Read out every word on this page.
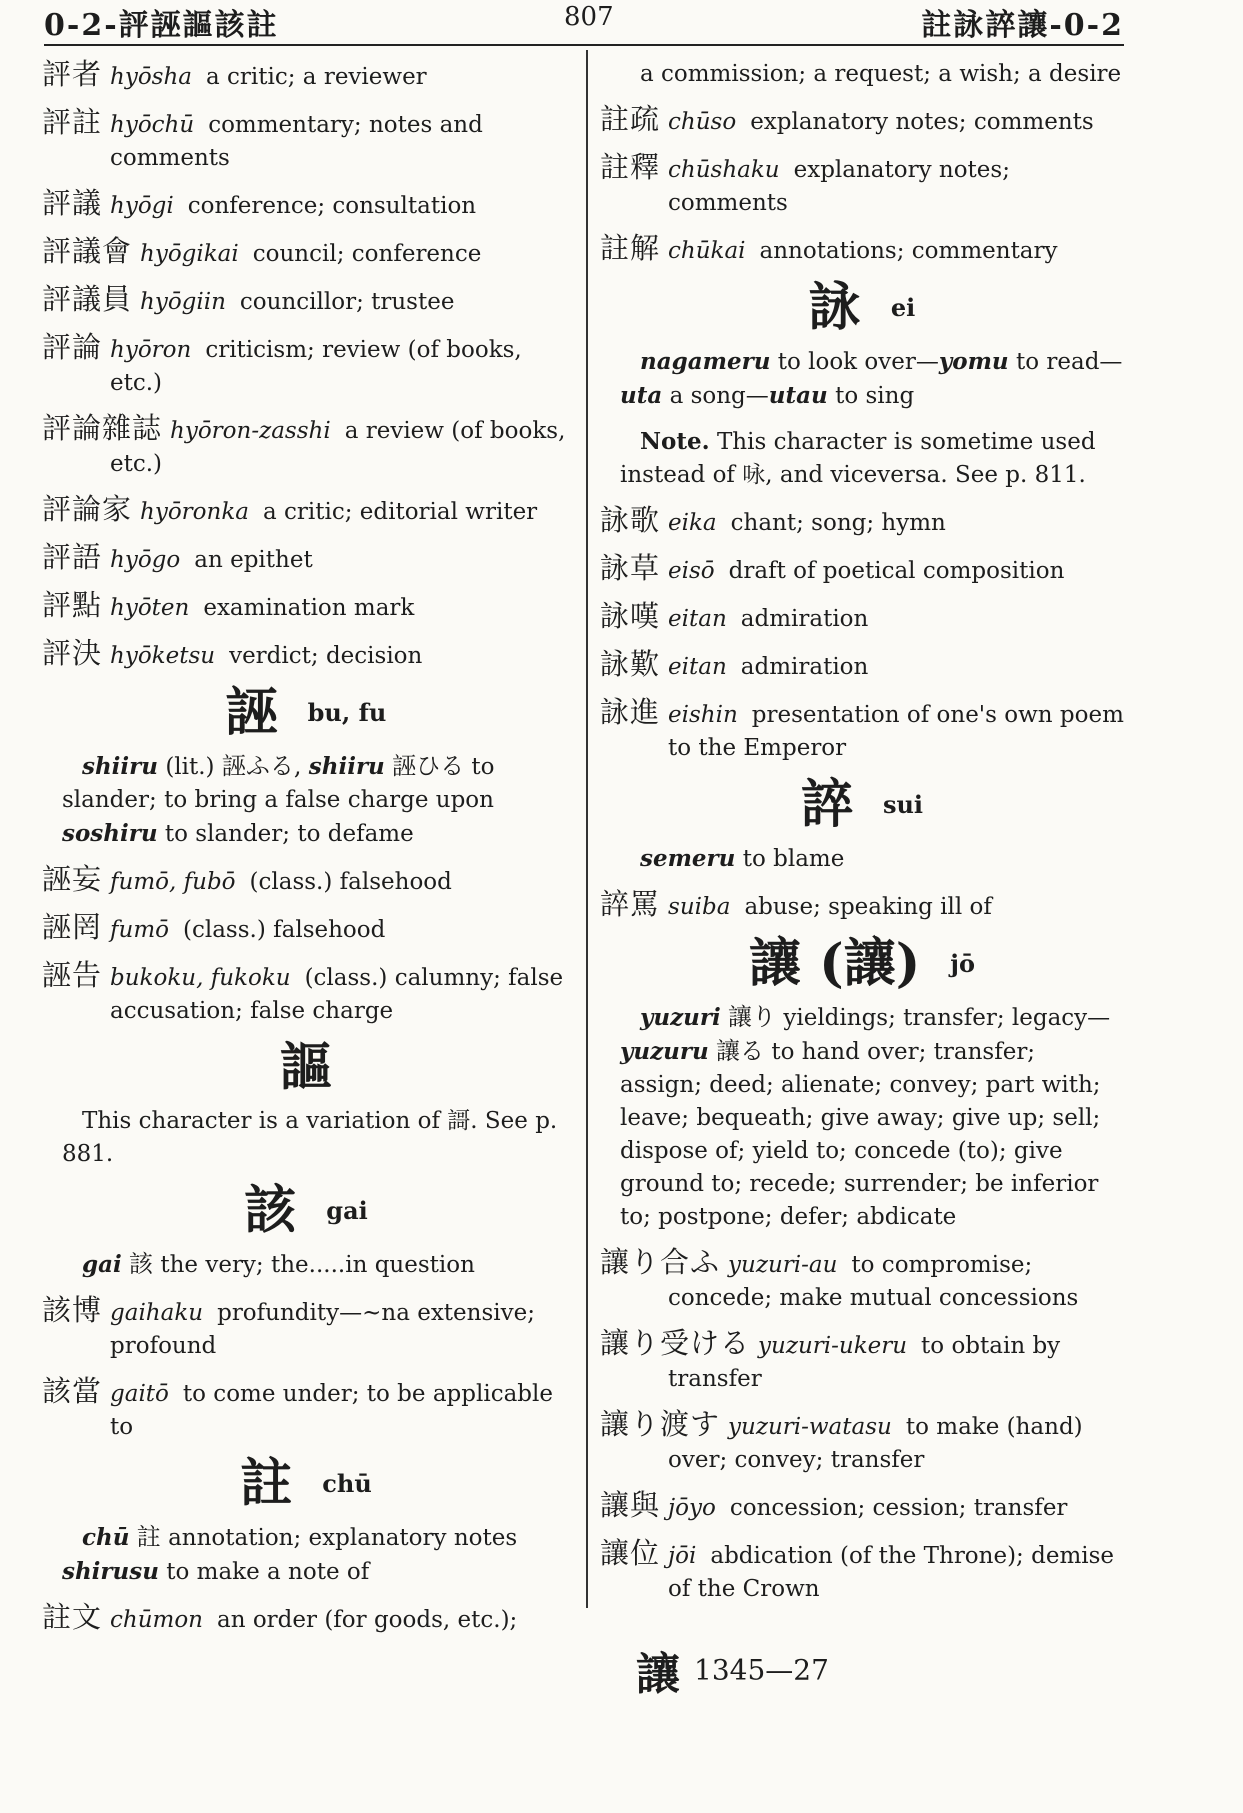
0-2-評誣謳該註	807	註詠誶讓-0-2
評者 hyōsha a critic; a reviewer
評註 hyōchū commentary; notes and comments
評議 hyōgi conference; consultation
評議會 hyōgikai council; conference
評議員 hyōgiin councillor; trustee
評論 hyōron criticism; review (of books, etc.)
評論雜誌 hyōron-zasshi a review (of books, etc.)
評論家 hyōronka a critic; editorial writer
評語 hyōgo an epithet
評點 hyōten examination mark
評決 hyōketsu verdict; decision
誣 bu, fu

shiiru (lit.) 誣ふる, shiiru 誣ひる to slander; to bring a false charge upon soshiru to slander; to defame

誣妄 fumō, fubō (class.) falsehood
誣罔 fumō (class.) falsehood
誣告 bukoku, fukoku (class.) calumny; false accusation; false charge
謳

This character is a variation of 謌. See p. 881.

該 gai

gai 該 the very; the.....in question

該博 gaihaku profundity—~na extensive; profound
該當 gaitō to come under; to be applicable to
註 chū

chū 註 annotation; explanatory notes shirusu to make a note of

註文 chūmon an order (for goods, etc.);

a commission; a request; a wish; a desire

註疏 chūso explanatory notes; comments
註釋 chūshaku explanatory notes; comments
註解 chūkai annotations; commentary
詠 ei

nagameru to look over—yomu to read—uta a song—utau to sing

Note. This character is sometime used instead of 咏, and viceversa. See p. 811.

詠歌 eika chant; song; hymn
詠草 eisō draft of poetical composition
詠嘆 eitan admiration
詠歎 eitan admiration
詠進 eishin presentation of one's own poem to the Emperor
誶 sui

semeru to blame

誶罵 suiba abuse; speaking ill of
讓 (讓) jō

yuzuri 讓り yieldings; transfer; legacy—yuzuru 讓る to hand over; transfer; assign; deed; alienate; convey; part with; leave; bequeath; give away; give up; sell; dispose of; yield to; concede (to); give ground to; recede; surrender; be inferior to; postpone; defer; abdicate

讓り合ふ yuzuri-au to compromise; concede; make mutual concessions
讓り受ける yuzuri-ukeru to obtain by transfer
讓り渡す yuzuri-watasu to make (hand) over; convey; transfer
讓與 jōyo concession; cession; transfer
讓位 jōi abdication (of the Throne); demise of the Crown
讓 1345—27
